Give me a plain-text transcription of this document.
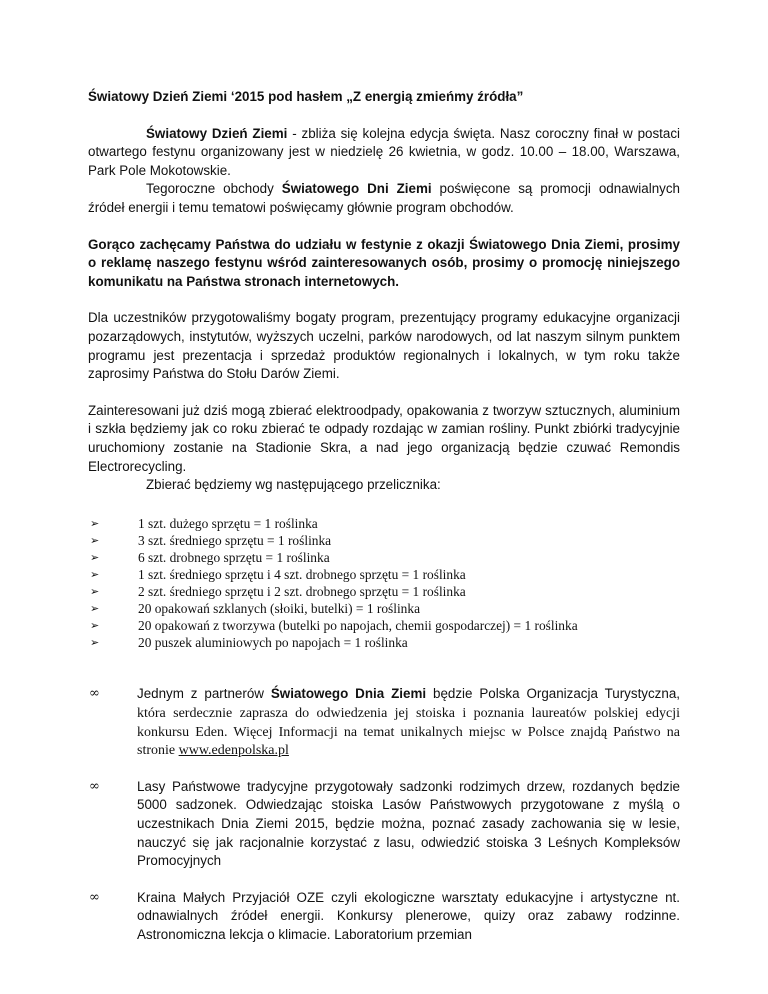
Światowy Dzień Ziemi ‘2015 pod hasłem „Z energią zmieńmy źródła”

Światowy Dzień Ziemi - zbliża się kolejna edycja święta. Nasz coroczny finał w postaci otwartego festynu organizowany jest w niedzielę 26 kwietnia, w godz. 10.00 – 18.00, Warszawa, Park Pole Mokotowskie.

Tegoroczne obchody Światowego Dni Ziemi poświęcone są promocji odnawialnych źródeł energii i temu tematowi poświęcamy głównie program obchodów.

Gorąco zachęcamy Państwa do udziału w festynie z okazji Światowego Dnia Ziemi, prosimy o reklamę naszego festynu wśród zainteresowanych osób, prosimy o promocję niniejszego komunikatu na Państwa stronach internetowych.

Dla uczestników przygotowaliśmy bogaty program, prezentujący programy edukacyjne organizacji pozarządowych, instytutów, wyższych uczelni, parków narodowych, od lat naszym silnym punktem programu jest prezentacja i sprzedaż produktów regionalnych i lokalnych, w tym roku także zaprosimy Państwa do Stołu Darów Ziemi.

Zainteresowani już dziś mogą zbierać elektroodpady, opakowania z tworzyw sztucznych, aluminium i szkła będziemy jak co roku zbierać te odpady rozdając w zamian rośliny. Punkt zbiórki tradycyjnie uruchomiony zostanie na Stadionie Skra, a nad jego organizacją będzie czuwać Remondis Electrorecycling.

Zbierać będziemy wg następującego przelicznika:

➢	1 szt. dużego sprzętu = 1 roślinka
➢	3 szt. średniego sprzętu = 1 roślinka
➢	6 szt. drobnego sprzętu = 1 roślinka
➢	1 szt. średniego sprzętu i 4 szt. drobnego sprzętu = 1 roślinka
➢	2 szt. średniego sprzętu i 2 szt. drobnego sprzętu = 1 roślinka
➢	20 opakowań szklanych (słoiki, butelki) = 1 roślinka
➢	20 opakowań z tworzywa (butelki po napojach, chemii gospodarczej) = 1 roślinka
➢	20 puszek aluminiowych po napojach = 1 roślinka
∞	Jednym z partnerów Światowego Dnia Ziemi będzie Polska Organizacja Turystyczna, która serdecznie zaprasza do odwiedzenia jej stoiska i poznania laureatów polskiej edycji konkursu Eden. Więcej Informacji na temat unikalnych miejsc w Polsce znajdą Państwo na stronie www.edenpolska.pl
∞	Lasy Państwowe tradycyjne przygotowały sadzonki rodzimych drzew, rozdanych będzie 5000 sadzonek. Odwiedzając stoiska Lasów Państwowych przygotowane z myślą o uczestnikach Dnia Ziemi 2015, będzie można, poznać zasady zachowania się w lesie, nauczyć się jak racjonalnie korzystać z lasu, odwiedzić stoiska 3 Leśnych Kompleksów Promocyjnych
∞	Kraina Małych Przyjaciół OZE czyli ekologiczne warsztaty edukacyjne i artystyczne nt. odnawialnych źródeł energii. Konkursy plenerowe, quizy oraz zabawy rodzinne. Astronomiczna lekcja o klimacie. Laboratorium przemian
